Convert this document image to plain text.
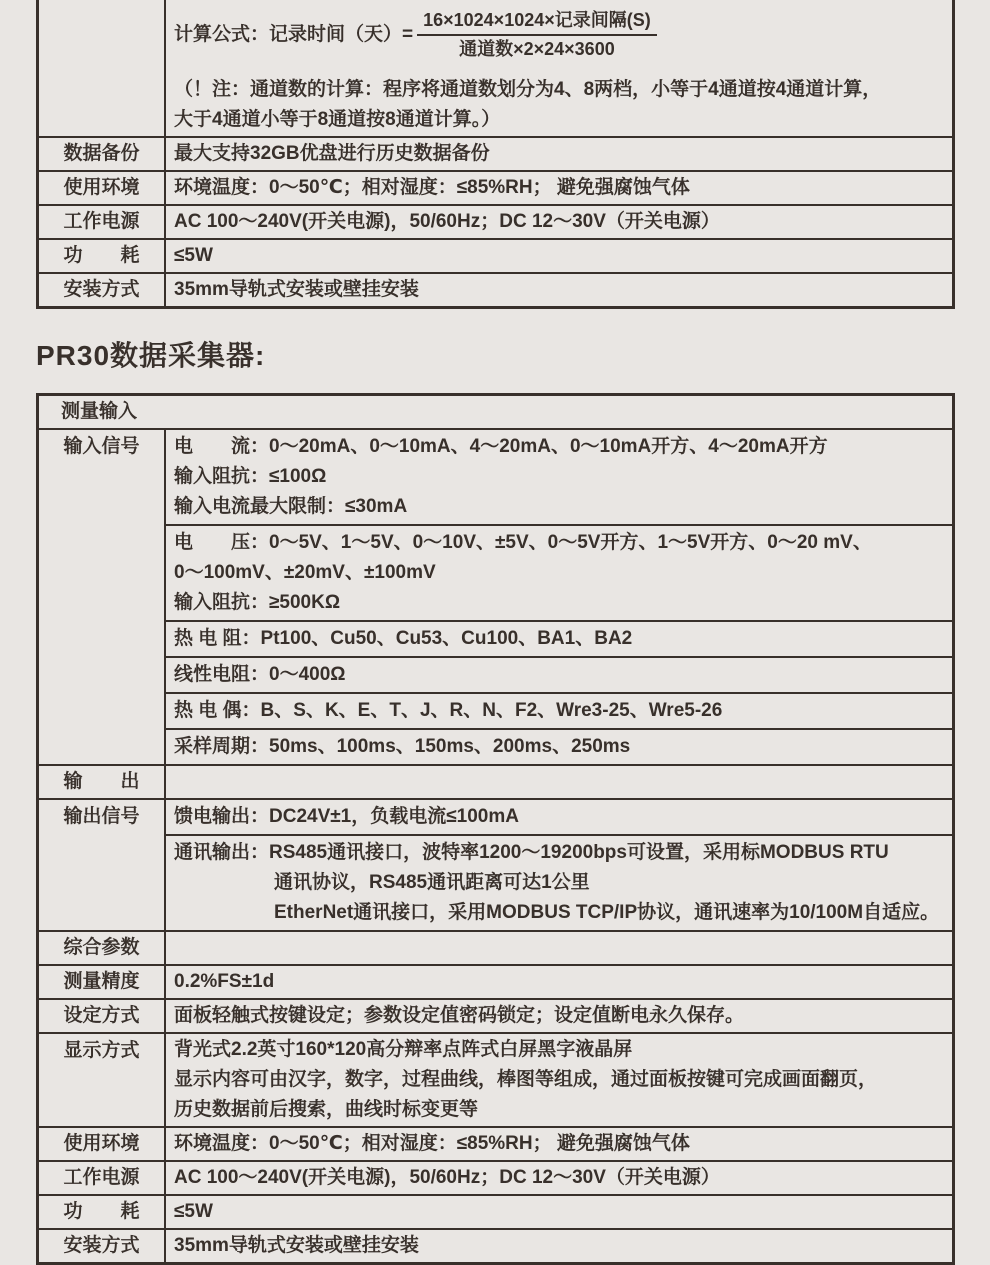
计算公式：记录时间（天）= $\frac{\text{16×1024×1024×记录间隔(S)}}{\text{通道数×2×24×3600}}$
（！注：通道数的计算：程序将通道数划分为4、8两档，小等于4通道按4通道计算，
大于4通道小等于8通道按8通道计算。）
数据备份	最大支持32GB优盘进行历史数据备份
使用环境	环境温度：0～50℃；相对湿度：≤85%RH； 避免强腐蚀气体
工作电源	AC 100～240V(开关电源)，50/60Hz；DC 12～30V（开关电源）
功　　耗	≤5W
安装方式	35mm导轨式安装或壁挂安装
PR30数据采集器:
测量输入
输入信号	电　　流：0～20mA、0～10mA、4～20mA、0～10mA开方、4～20mA开方
输入阻抗：≤100Ω
输入电流最大限制：≤30mA
电　　压：0～5V、1～5V、0～10V、±5V、0～5V开方、1～5V开方、0～20 mV、
0～100mV、±20mV、±100mV
输入阻抗：≥500KΩ
热 电 阻：Pt100、Cu50、Cu53、Cu100、BA1、BA2
线性电阻：0～400Ω
热 电 偶：B、S、K、E、T、J、R、N、F2、Wre3-25、Wre5-26
采样周期：50ms、100ms、150ms、200ms、250ms
输　　出
输出信号	馈电输出：DC24V±1，负载电流≤100mA
通讯输出：RS485通讯接口，波特率1200～19200bps可设置，采用标MODBUS RTU
通讯协议，RS485通讯距离可达1公里
EtherNet通讯接口，采用MODBUS TCP/IP协议，通讯速率为10/100M自适应。
综合参数
测量精度	0.2%FS±1d
设定方式	面板轻触式按键设定；参数设定值密码锁定；设定值断电永久保存。
显示方式	背光式2.2英寸160*120高分辩率点阵式白屏黑字液晶屏
显示内容可由汉字，数字，过程曲线，棒图等组成，通过面板按键可完成画面翻页，
历史数据前后搜索，曲线时标变更等
使用环境	环境温度：0～50℃；相对湿度：≤85%RH； 避免强腐蚀气体
工作电源	AC 100～240V(开关电源)，50/60Hz；DC 12～30V（开关电源）
功　　耗	≤5W
安装方式	35mm导轨式安装或壁挂安装
